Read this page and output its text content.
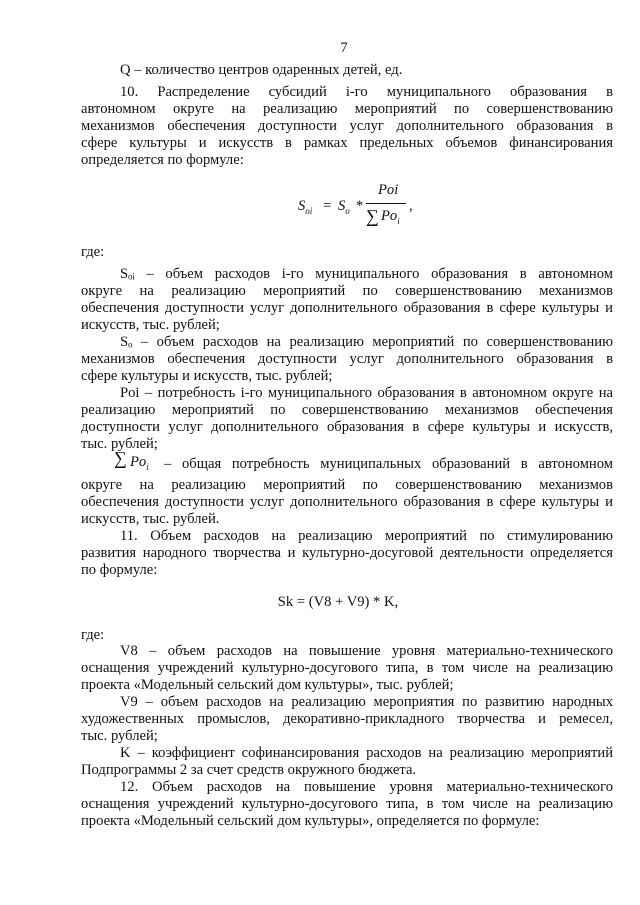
7
Q – количество центров одаренных детей, ед.
10. Распределение субсидий i-го муниципального образования в
автономном округе на реализацию мероприятий по совершенствованию
механизмов обеспечения доступности услуг дополнительного образования в
сфере культуры и искусств в рамках предельных объемов финансирования
определяется по формуле:
$S_{oi} = S_o$ *
Poi
∑ $Po_i$
,
где:
Sₒᵢ – объем расходов i-го муниципального образования в автономном
округе на реализацию мероприятий по совершенствованию механизмов
обеспечения доступности услуг дополнительного образования в сфере культуры и
искусств, тыс. рублей;
Sₒ – объем расходов на реализацию мероприятий по совершенствованию
механизмов обеспечения доступности услуг дополнительного образования в
сфере культуры и искусств, тыс. рублей;
Poi – потребность i-го муниципального образования в автономном округе на
реализацию мероприятий по совершенствованию механизмов обеспечения
доступности услуг дополнительного образования в сфере культуры и искусств,
тыс. рублей;
∑ $Po_i$ – общая потребность муниципальных образований в автономном
округе на реализацию мероприятий по совершенствованию механизмов
обеспечения доступности услуг дополнительного образования в сфере культуры и
искусств, тыс. рублей.
11. Объем расходов на реализацию мероприятий по стимулированию
развития народного творчества и культурно-досуговой деятельности определяется
по формуле:
Sk = (V8 + V9) * K,
где:
V8 – объем расходов на повышение уровня материально-технического
оснащения учреждений культурно-досугового типа, в том числе на реализацию
проекта «Модельный сельский дом культуры», тыс. рублей;
V9 – объем расходов на реализацию мероприятия по развитию народных
художественных промыслов, декоративно-прикладного творчества и ремесел,
тыс. рублей;
K – коэффициент софинансирования расходов на реализацию мероприятий
Подпрограммы 2 за счет средств окружного бюджета.
12. Объем расходов на повышение уровня материально-технического
оснащения учреждений культурно-досугового типа, в том числе на реализацию
проекта «Модельный сельский дом культуры», определяется по формуле:
